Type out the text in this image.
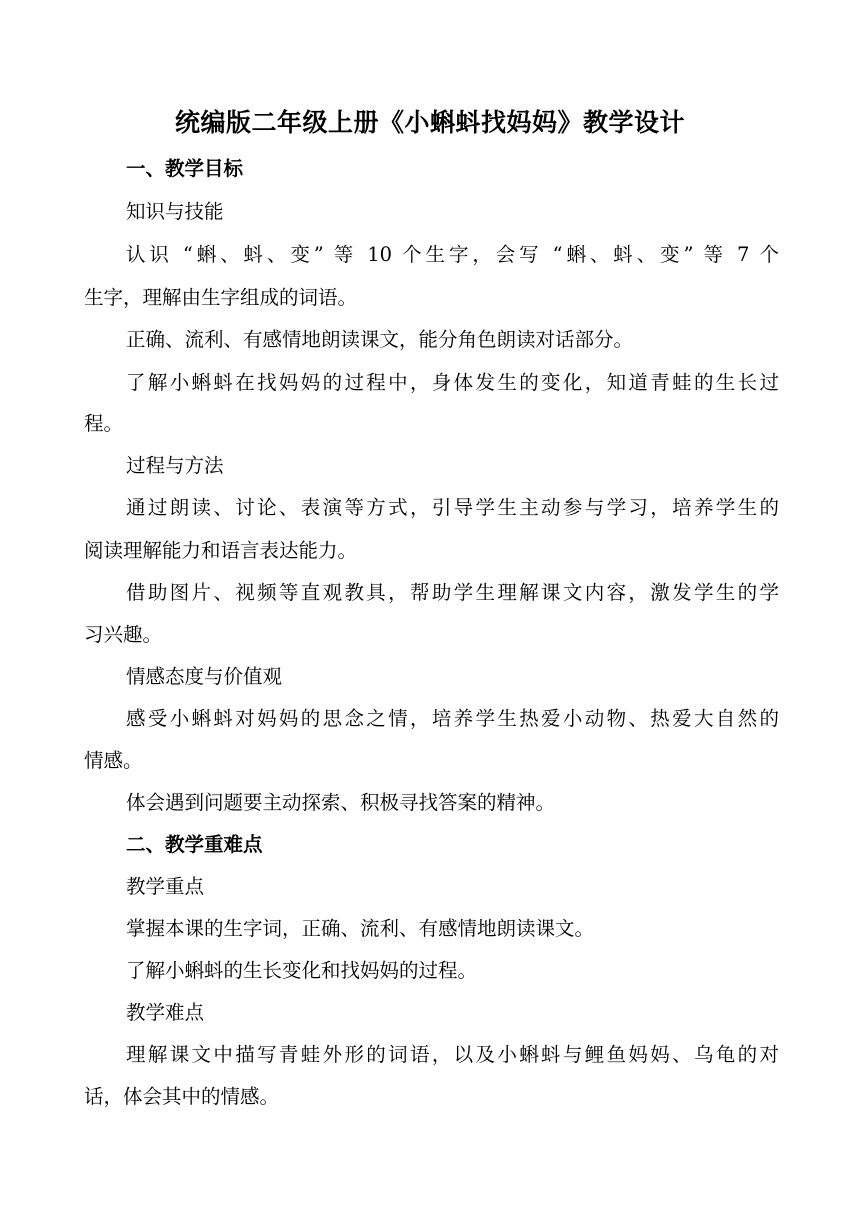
统编版二年级上册《小蝌蚪找妈妈》教学设计
一、教学目标
知识与技能
认识 “蝌、蚪、变” 等 10 个生字，会写 “蝌、蚪、变” 等 7 个
生字，理解由生字组成的词语。
正确、流利、有感情地朗读课文，能分角色朗读对话部分。
了解小蝌蚪在找妈妈的过程中，身体发生的变化，知道青蛙的生长过
程。
过程与方法
通过朗读、讨论、表演等方式，引导学生主动参与学习，培养学生的
阅读理解能力和语言表达能力。
借助图片、视频等直观教具，帮助学生理解课文内容，激发学生的学
习兴趣。
情感态度与价值观
感受小蝌蚪对妈妈的思念之情，培养学生热爱小动物、热爱大自然的
情感。
体会遇到问题要主动探索、积极寻找答案的精神。
二、教学重难点
教学重点
掌握本课的生字词，正确、流利、有感情地朗读课文。
了解小蝌蚪的生长变化和找妈妈的过程。
教学难点
理解课文中描写青蛙外形的词语，以及小蝌蚪与鲤鱼妈妈、乌龟的对
话，体会其中的情感。
